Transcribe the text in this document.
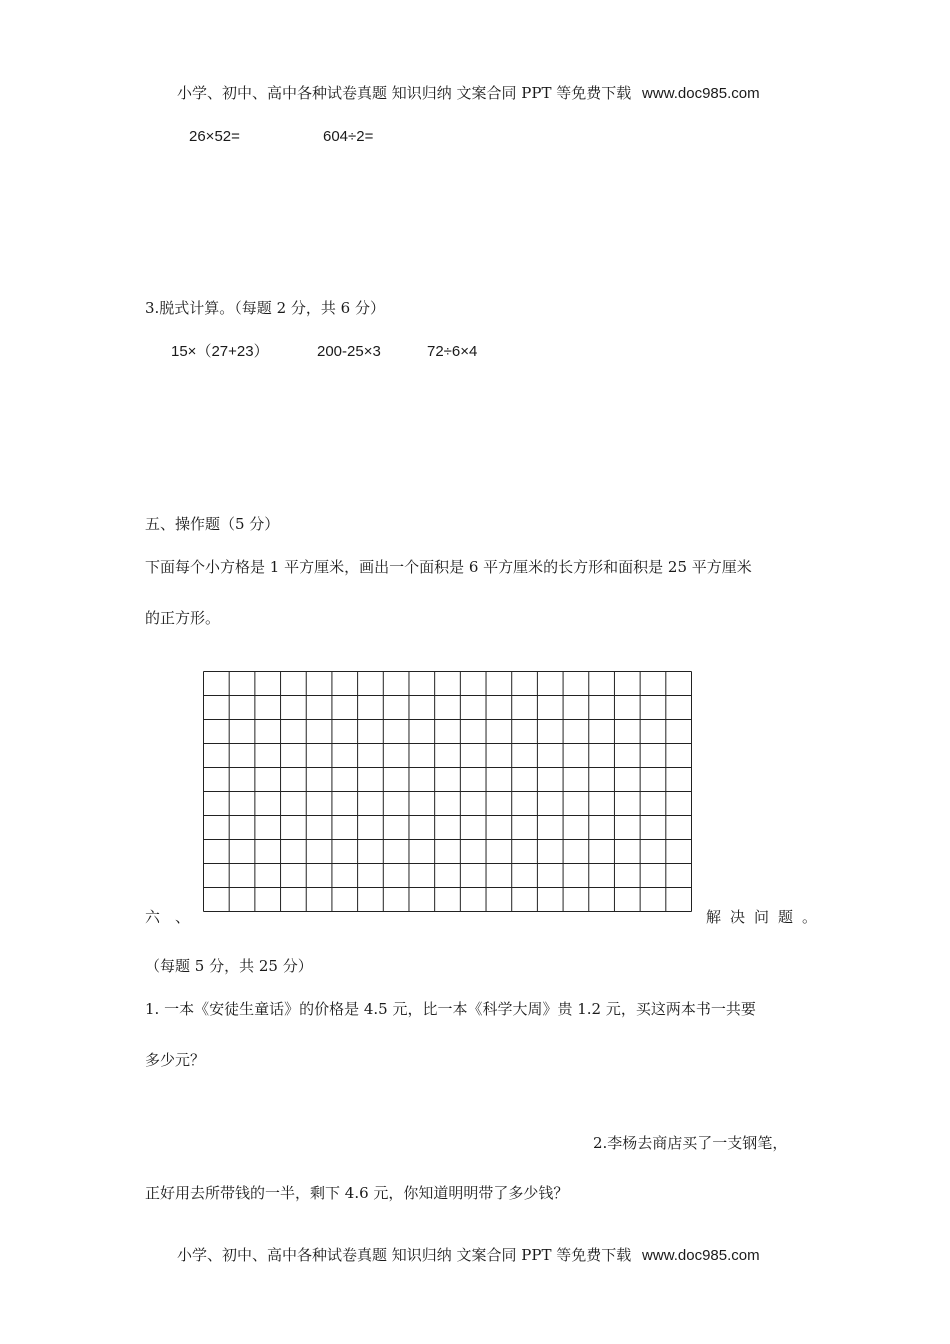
小学、初中、高中各种试卷真题 知识归纳 文案合同 PPT 等免费下载 www.doc985.com
26×52=	604÷2=
3.脱式计算。（每题 2 分，共 6 分）
15×（27+23）	200-25×3	72÷6×4
五、操作题（5 分）
下面每个小方格是 1 平方厘米，画出一个面积是 6 平方厘米的长方形和面积是 25 平方厘米
的正方形。
六　、	解决问题。
（每题 5 分，共 25 分）
1. 一本《安徒生童话》的价格是 4.5 元，比一本《科学大周》贵 1.2 元，买这两本书一共要
多少元？
2.李杨去商店买了一支钢笔，
正好用去所带钱的一半，剩下 4.6 元，你知道明明带了多少钱？
小学、初中、高中各种试卷真题 知识归纳 文案合同 PPT 等免费下载 www.doc985.com
